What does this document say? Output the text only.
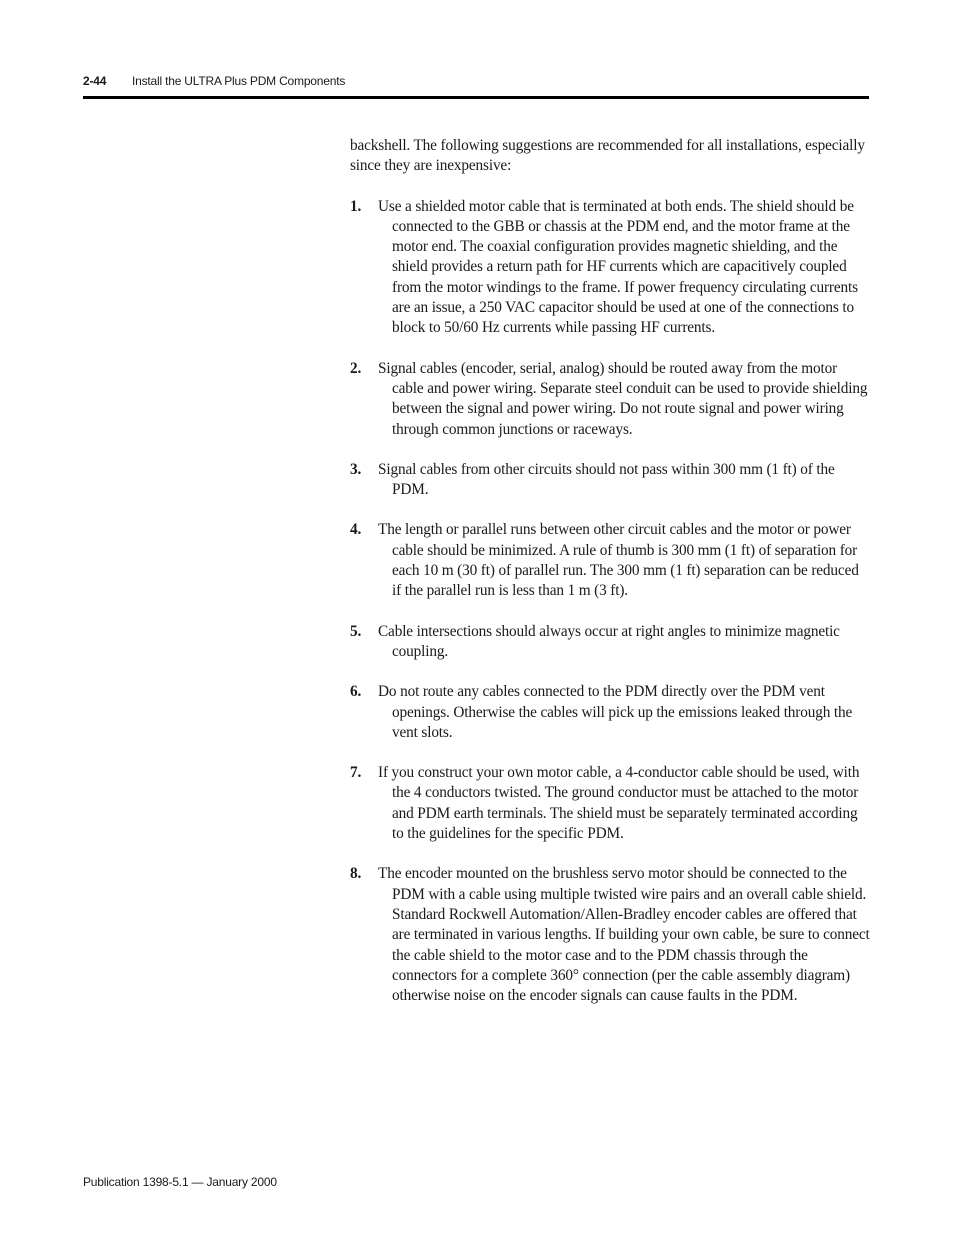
2-44 Install the ULTRA Plus PDM Components

backshell. The following suggestions are recommended for all installations, especially since they are inexpensive:

1. Use a shielded motor cable that is terminated at both ends. The shield should be connected to the GBB or chassis at the PDM end, and the motor frame at the motor end. The coaxial configuration provides magnetic shielding, and the shield provides a return path for HF currents which are capacitively coupled from the motor windings to the frame. If power frequency circulating currents are an issue, a 250 VAC capacitor should be used at one of the connections to block to 50/60 Hz currents while passing HF currents.
2. Signal cables (encoder, serial, analog) should be routed away from the motor cable and power wiring. Separate steel conduit can be used to provide shielding between the signal and power wiring. Do not route signal and power wiring through common junctions or raceways.
3. Signal cables from other circuits should not pass within 300 mm (1 ft) of the PDM.
4. The length or parallel runs between other circuit cables and the motor or power cable should be minimized. A rule of thumb is 300 mm (1 ft) of separation for each 10 m (30 ft) of parallel run. The 300 mm (1 ft) separation can be reduced if the parallel run is less than 1 m (3 ft).
5. Cable intersections should always occur at right angles to minimize magnetic coupling.
6. Do not route any cables connected to the PDM directly over the PDM vent openings. Otherwise the cables will pick up the emissions leaked through the vent slots.
7. If you construct your own motor cable, a 4-conductor cable should be used, with the 4 conductors twisted. The ground conductor must be attached to the motor and PDM earth terminals. The shield must be separately terminated according to the guidelines for the specific PDM.
8. The encoder mounted on the brushless servo motor should be connected to the PDM with a cable using multiple twisted wire pairs and an overall cable shield. Standard Rockwell Automation/Allen-Bradley encoder cables are offered that are terminated in various lengths. If building your own cable, be sure to connect the cable shield to the motor case and to the PDM chassis through the connectors for a complete 360° connection (per the cable assembly diagram) otherwise noise on the encoder signals can cause faults in the PDM.
Publication 1398-5.1 — January 2000
